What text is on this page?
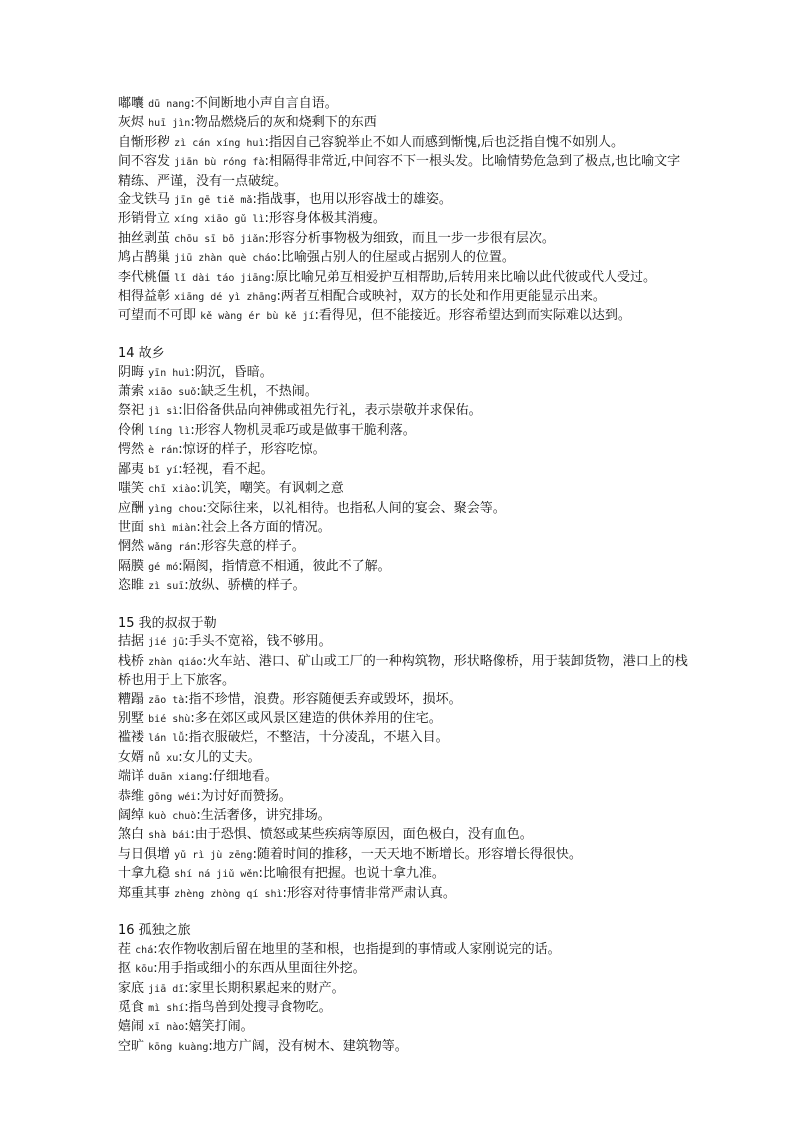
嘟囔 dū nang:不间断地小声自言自语。
灰烬 huī jìn:物品燃烧后的灰和烧剩下的东西
自惭形秽 zì cán xíng huì:指因自己容貌举止不如人而感到惭愧,后也泛指自愧不如别人。
间不容发 jiān bù róng fà:相隔得非常近,中间容不下一根头发。比喻情势危急到了极点,也比喻文字精练、严谨，没有一点破绽。
金戈铁马 jīn gē tiě mǎ:指战事，也用以形容战士的雄姿。
形销骨立 xíng xiāo gǔ lì:形容身体极其消瘦。
抽丝剥茧 chōu sī bō jiǎn:形容分析事物极为细致，而且一步一步很有层次。
鸠占鹊巢 jiū zhàn què cháo:比喻强占别人的住屋或占据别人的位置。
李代桃僵 lǐ dài táo jiāng:原比喻兄弟互相爱护互相帮助,后转用来比喻以此代彼或代人受过。
相得益彰 xiāng dé yì zhāng:两者互相配合或映衬，双方的长处和作用更能显示出来。
可望而不可即 kě wàng ér bù kě jí:看得见，但不能接近。形容希望达到而实际难以达到。
14 故乡
阴晦 yīn huì:阴沉，昏暗。
萧索 xiāo suǒ:缺乏生机，不热闹。
祭祀 jì sì:旧俗备供品向神佛或祖先行礼，表示崇敬并求保佑。
伶俐 líng lì:形容人物机灵乖巧或是做事干脆利落。
愕然 è rán:惊讶的样子，形容吃惊。
鄙夷 bǐ yí:轻视，看不起。
嗤笑 chī xiào:讥笑，嘲笑。有讽刺之意
应酬 yìng chou:交际往来，以礼相待。也指私人间的宴会、聚会等。
世面 shì miàn:社会上各方面的情况。
惘然 wǎng rán:形容失意的样子。
隔膜 gé mó:隔阂，指情意不相通，彼此不了解。
恣睢 zì suī:放纵、骄横的样子。
15 我的叔叔于勒
拮据 jié jū:手头不宽裕，钱不够用。
栈桥 zhàn qiáo:火车站、港口、矿山或工厂的一种构筑物，形状略像桥，用于装卸货物，港口上的栈桥也用于上下旅客。
糟蹋 zāo tà:指不珍惜，浪费。形容随便丢弃或毁坏，损坏。
别墅 bié shù:多在郊区或风景区建造的供休养用的住宅。
褴褛 lán lǚ:指衣服破烂，不整洁，十分凌乱，不堪入目。
女婿 nǚ xu:女儿的丈夫。
端详 duān xiang:仔细地看。
恭维 gōng wéi:为讨好而赞扬。
阔绰 kuò chuò:生活奢侈，讲究排场。
煞白 shà bái:由于恐惧、愤怒或某些疾病等原因，面色极白，没有血色。
与日俱增 yǔ rì jù zēng:随着时间的推移，一天天地不断增长。形容增长得很快。
十拿九稳 shí ná jiǔ wěn:比喻很有把握。也说十拿九准。
郑重其事 zhèng zhòng qí shì:形容对待事情非常严肃认真。
16 孤独之旅
茬 chá:农作物收割后留在地里的茎和根，也指提到的事情或人家刚说完的话。
抠 kōu:用手指或细小的东西从里面往外挖。
家底 jiā dǐ:家里长期积累起来的财产。
觅食 mì shí:指鸟兽到处搜寻食物吃。
嬉闹 xī nào:嬉笑打闹。
空旷 kōng kuàng:地方广阔，没有树木、建筑物等。
